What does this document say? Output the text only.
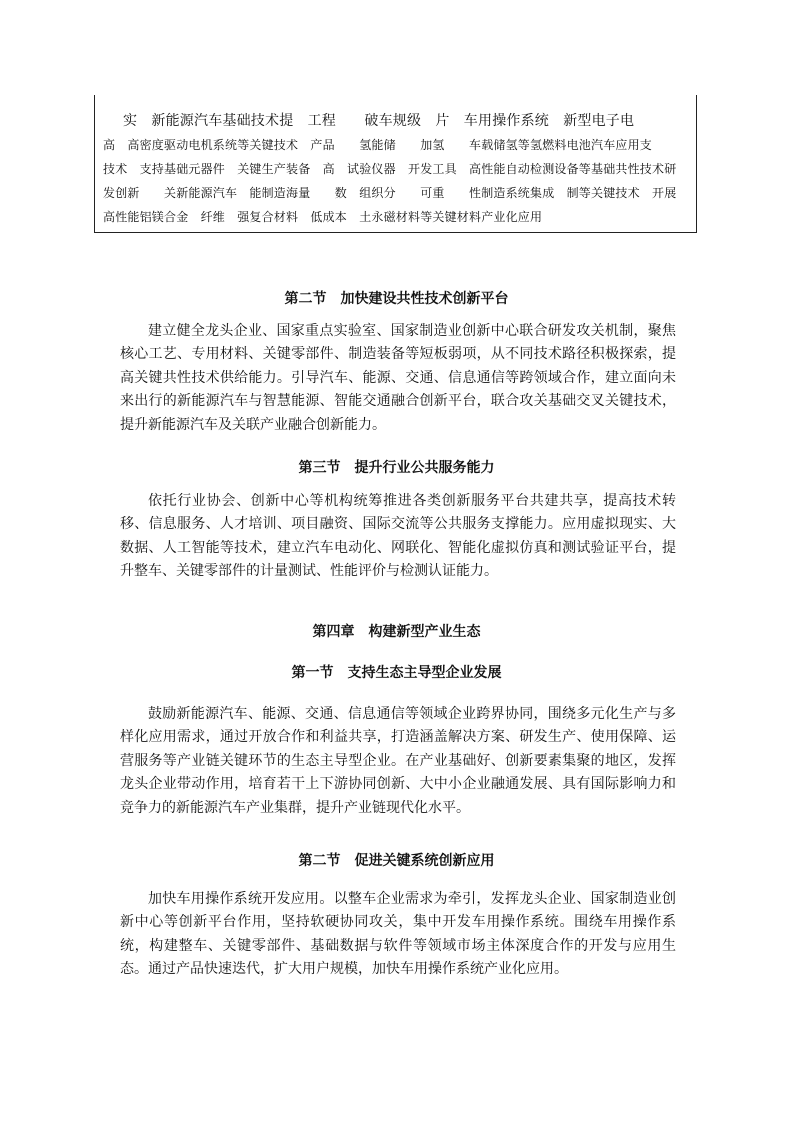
实　新能源汽车基础技术提　工程　　破车规级　片　车用操作系统　新型电子电
高　高密度驱动电机系统等关键技术　产品　　氢能储　　加氢　　车载储氢等氢燃料电池汽车应用支
技术　支持基础元器件　关键生产装备　高　试验仪器　开发工具　高性能自动检测设备等基础共性技术研
发创新　　关新能源汽车　能制造海量　　数　组织分　　可重　　性制造系统集成　制等关键技术　开展
高性能铝镁合金　纤维　强复合材料　低成本　土永磁材料等关键材料产业化应用
第二节　加快建设共性技术创新平台
建立健全龙头企业、国家重点实验室、国家制造业创新中心联合研发攻关机制，聚焦核心工艺、专用材料、关键零部件、制造装备等短板弱项，从不同技术路径积极探索，提高关键共性技术供给能力。引导汽车、能源、交通、信息通信等跨领域合作，建立面向未来出行的新能源汽车与智慧能源、智能交通融合创新平台，联合攻关基础交叉关键技术，提升新能源汽车及关联产业融合创新能力。
第三节　提升行业公共服务能力
依托行业协会、创新中心等机构统筹推进各类创新服务平台共建共享，提高技术转移、信息服务、人才培训、项目融资、国际交流等公共服务支撑能力。应用虚拟现实、大数据、人工智能等技术，建立汽车电动化、网联化、智能化虚拟仿真和测试验证平台，提升整车、关键零部件的计量测试、性能评价与检测认证能力。
第四章　构建新型产业生态
第一节　支持生态主导型企业发展
鼓励新能源汽车、能源、交通、信息通信等领域企业跨界协同，围绕多元化生产与多样化应用需求，通过开放合作和利益共享，打造涵盖解决方案、研发生产、使用保障、运营服务等产业链关键环节的生态主导型企业。在产业基础好、创新要素集聚的地区，发挥龙头企业带动作用，培育若干上下游协同创新、大中小企业融通发展、具有国际影响力和竞争力的新能源汽车产业集群，提升产业链现代化水平。
第二节　促进关键系统创新应用
加快车用操作系统开发应用。以整车企业需求为牵引，发挥龙头企业、国家制造业创新中心等创新平台作用，坚持软硬协同攻关，集中开发车用操作系统。围绕车用操作系统，构建整车、关键零部件、基础数据与软件等领域市场主体深度合作的开发与应用生态。通过产品快速迭代，扩大用户规模，加快车用操作系统产业化应用。
